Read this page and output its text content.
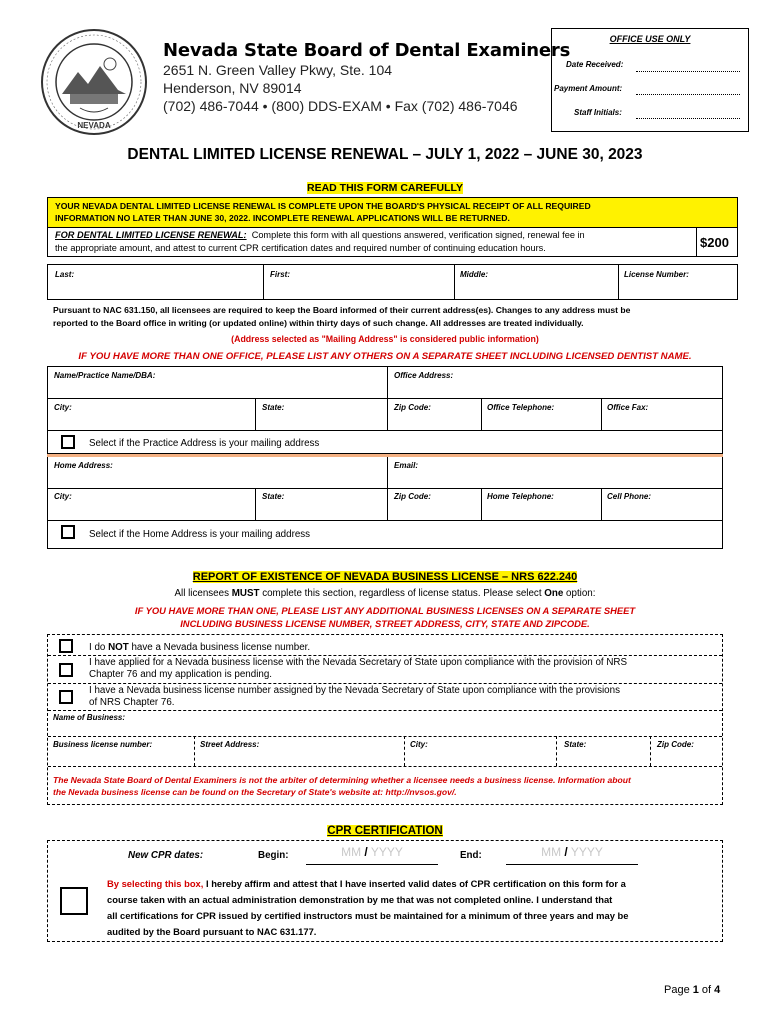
NEVADA
Nevada State Board of Dental Examiners
2651 N. Green Valley Pkwy, Ste. 104
Henderson, NV 89014
(702) 486-7044 • (800) DDS-EXAM • Fax (702) 486-7046
OFFICE USE ONLY
Date Received:
Payment Amount:
Staff Initials:
DENTAL LIMITED LICENSE RENEWAL – JULY 1, 2022 – JUNE 30, 2023
READ THIS FORM CAREFULLY
YOUR NEVADA DENTAL LIMITED LICENSE RENEWAL IS COMPLETE UPON THE BOARD'S PHYSICAL RECEIPT OF ALL REQUIRED
INFORMATION NO LATER THAN JUNE 30, 2022. INCOMPLETE RENEWAL APPLICATIONS WILL BE RETURNED.
FOR DENTAL LIMITED LICENSE RENEWAL: Complete this form with all questions answered, verification signed, renewal fee in
the appropriate amount, and attest to current CPR certification dates and required number of continuing education hours.	$200
Last:	First:	Middle:	License Number:
Pursuant to NAC 631.150, all licensees are required to keep the Board informed of their current address(es). Changes to any address must be
reported to the Board office in writing (or updated online) within thirty days of such change. All addresses are treated individually.
(Address selected as "Mailing Address" is considered public information)
IF YOU HAVE MORE THAN ONE OFFICE, PLEASE LIST ANY OTHERS ON A SEPARATE SHEET INCLUDING LICENSED DENTIST NAME.
Name/Practice Name/DBA:	Office Address:
City:	State:	Zip Code:	Office Telephone:	Office Fax:
Select if the Practice Address is your mailing address
Home Address:	Email:
City:	State:	Zip Code:	Home Telephone:	Cell Phone:
Select if the Home Address is your mailing address
REPORT OF EXISTENCE OF NEVADA BUSINESS LICENSE – NRS 622.240
All licensees MUST complete this section, regardless of license status. Please select One option:
IF YOU HAVE MORE THAN ONE, PLEASE LIST ANY ADDITIONAL BUSINESS LICENSES ON A SEPARATE SHEET
INCLUDING BUSINESS LICENSE NUMBER, STREET ADDRESS, CITY, STATE AND ZIPCODE.
I do NOT have a Nevada business license number.
I have applied for a Nevada business license with the Nevada Secretary of State upon compliance with the provision of NRS
Chapter 76 and my application is pending.
I have a Nevada business license number assigned by the Nevada Secretary of State upon compliance with the provisions
of NRS Chapter 76.
Name of Business:
Business license number:	Street Address:	City:	State:	Zip Code:
The Nevada State Board of Dental Examiners is not the arbiter of determining whether a licensee needs a business license. Information about
the Nevada business license can be found on the Secretary of State's website at: http://nvsos.gov/.
CPR CERTIFICATION
New CPR dates:	Begin:	MM / YYYY	End:	MM / YYYY
By selecting this box, I hereby affirm and attest that I have inserted valid dates of CPR certification on this form for a
course taken with an actual administration demonstration by me that was not completed online. I understand that
all certifications for CPR issued by certified instructors must be maintained for a minimum of three years and may be
audited by the Board pursuant to NAC 631.177.
Page 1 of 4
